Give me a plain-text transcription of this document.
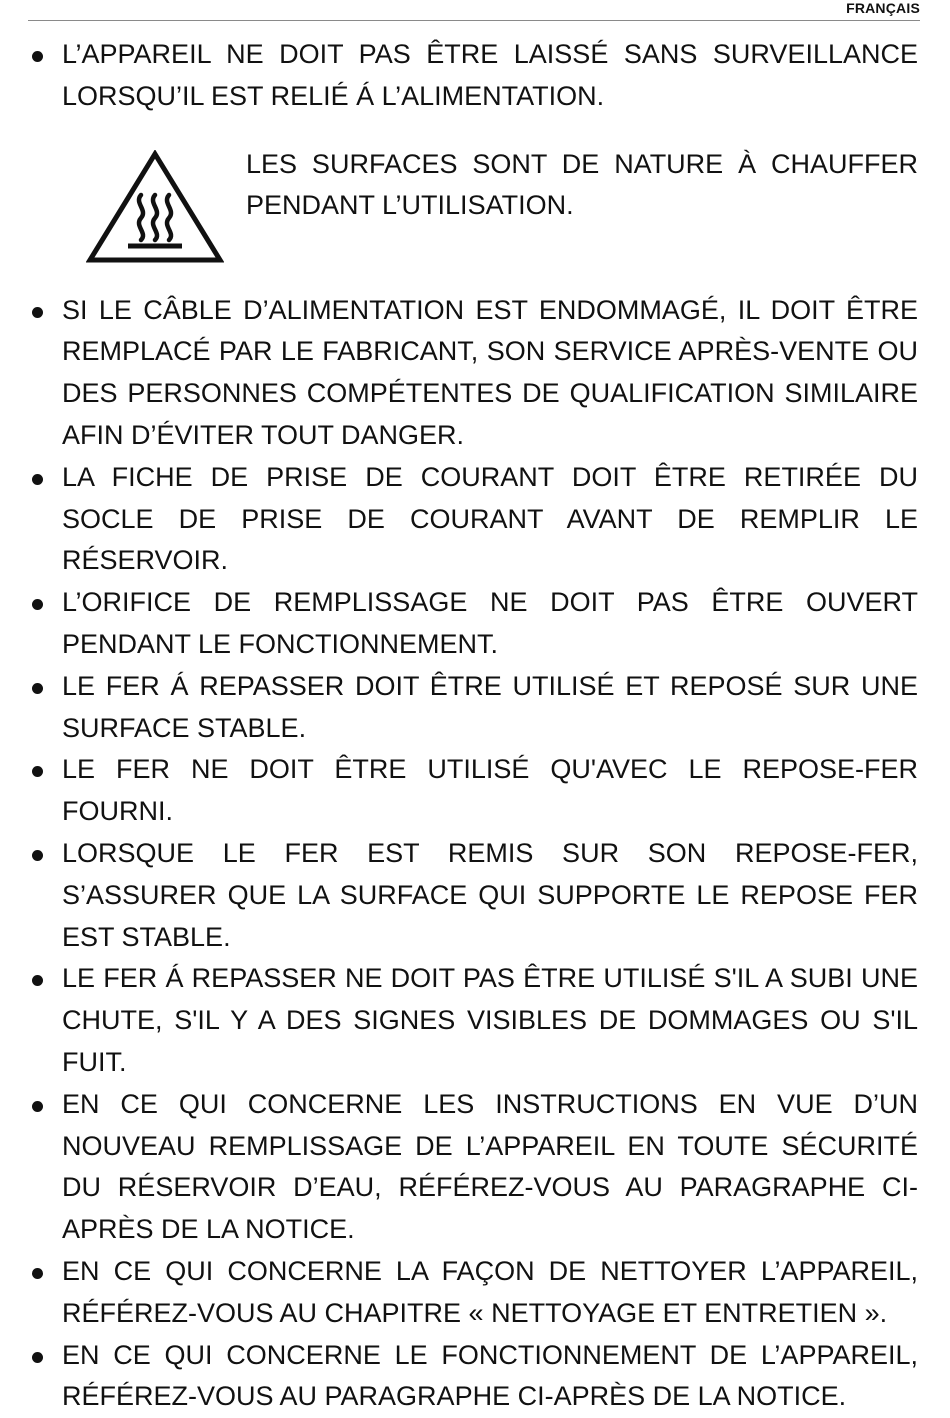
FRANÇAIS

L’APPAREIL NE DOIT PAS ÊTRE LAISSÉ SANS SURVEILLANCE LORSQU’IL EST RELIÉ Á L’ALIMENTATION.

LES SURFACES SONT DE NATURE À CHAUFFER PENDANT L’UTILISATION.

SI LE CÂBLE D’ALIMENTATION EST ENDOMMAGÉ, IL DOIT ÊTRE REMPLACÉ PAR LE FABRICANT, SON SERVICE APRÈS-VENTE OU DES PERSONNES COMPÉTENTES DE QUALIFICATION SIMILAIRE AFIN D’ÉVITER TOUT DANGER.

LA FICHE DE PRISE DE COURANT DOIT ÊTRE RETIRÉE DU SOCLE DE PRISE DE COURANT AVANT DE REMPLIR LE RÉSERVOIR.

L’ORIFICE DE REMPLISSAGE NE DOIT PAS ÊTRE OUVERT PENDANT LE FONCTIONNEMENT.

LE FER Á REPASSER DOIT ÊTRE UTILISÉ ET REPOSÉ SUR UNE SURFACE STABLE.

LE FER NE DOIT ÊTRE UTILISÉ QU'AVEC LE REPOSE-FER FOURNI.

LORSQUE LE FER EST REMIS SUR SON REPOSE-FER, S’ASSURER QUE LA SURFACE QUI SUPPORTE LE REPOSE FER EST STABLE.

LE FER Á REPASSER NE DOIT PAS ÊTRE UTILISÉ S'IL A SUBI UNE CHUTE, S'IL Y A DES SIGNES VISIBLES DE DOMMAGES OU S'IL FUIT.

EN CE QUI CONCERNE LES INSTRUCTIONS EN VUE D’UN NOUVEAU REMPLISSAGE DE L’APPAREIL EN TOUTE SÉCURITÉ DU RÉSERVOIR D’EAU, RÉFÉREZ-VOUS AU PARAGRAPHE CI-APRÈS DE LA NOTICE.

EN CE QUI CONCERNE LA FAÇON DE NETTOYER L’APPAREIL, RÉFÉREZ-VOUS AU CHAPITRE « NETTOYAGE ET ENTRETIEN ».

EN CE QUI CONCERNE LE FONCTIONNEMENT DE L’APPAREIL, RÉFÉREZ-VOUS AU PARAGRAPHE CI-APRÈS DE LA NOTICE.
